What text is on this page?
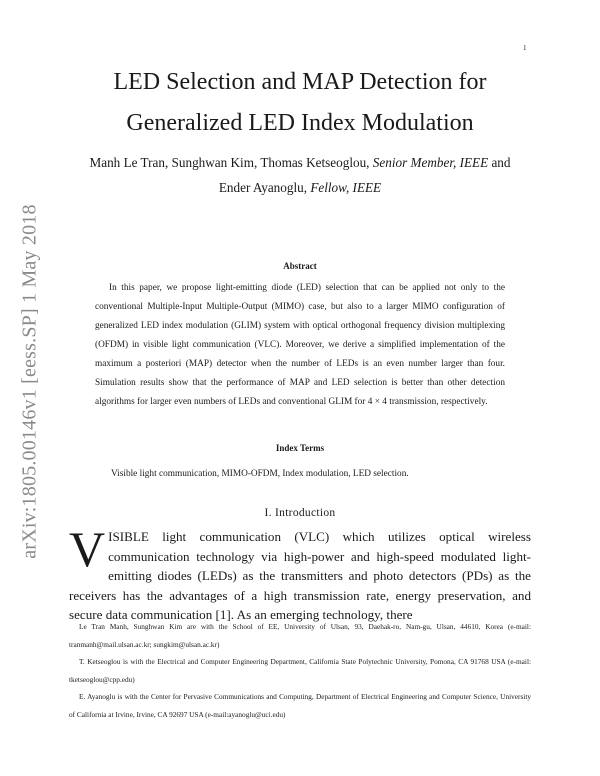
1
arXiv:1805.00146v1 [eess.SP] 1 May 2018
LED Selection and MAP Detection for
Generalized LED Index Modulation
Manh Le Tran, Sunghwan Kim, Thomas Ketseoglou, Senior Member, IEEE and
Ender Ayanoglu, Fellow, IEEE
Abstract
In this paper, we propose light-emitting diode (LED) selection that can be applied not only to the conventional Multiple-Input Multiple-Output (MIMO) case, but also to a larger MIMO configuration of generalized LED index modulation (GLIM) system with optical orthogonal frequency division multiplexing (OFDM) in visible light communication (VLC). Moreover, we derive a simplified implementation of the maximum a posteriori (MAP) detector when the number of LEDs is an even number larger than four. Simulation results show that the performance of MAP and LED selection is better than other detection algorithms for larger even numbers of LEDs and conventional GLIM for 4 × 4 transmission, respectively.
Index Terms
Visible light communication, MIMO-OFDM, Index modulation, LED selection.
I. Introduction
V ISIBLE light communication (VLC) which utilizes optical wireless communication technology via high-power and high-speed modulated light-emitting diodes (LEDs) as the transmitters and photo detectors (PDs) as the receivers has the advantages of a high transmission rate, energy preservation, and secure data communication [1]. As an emerging technology, there

Le Tran Manh, Sunghwan Kim are with the School of EE, University of Ulsan, 93, Daehak-ro, Nam-gu, Ulsan, 44610, Korea (e-mail: tranmanh@mail.ulsan.ac.kr; sungkim@ulsan.ac.kr)

T. Ketseoglou is with the Electrical and Computer Engineering Department, California State Polytechnic University, Pomona, CA 91768 USA (e-mail: tketseoglou@cpp.edu)

E. Ayanoglu is with the Center for Pervasive Communications and Computing, Department of Electrical Engineering and Computer Science, University of California at Irvine, Irvine, CA 92697 USA (e-mail:ayanoglu@uci.edu)
